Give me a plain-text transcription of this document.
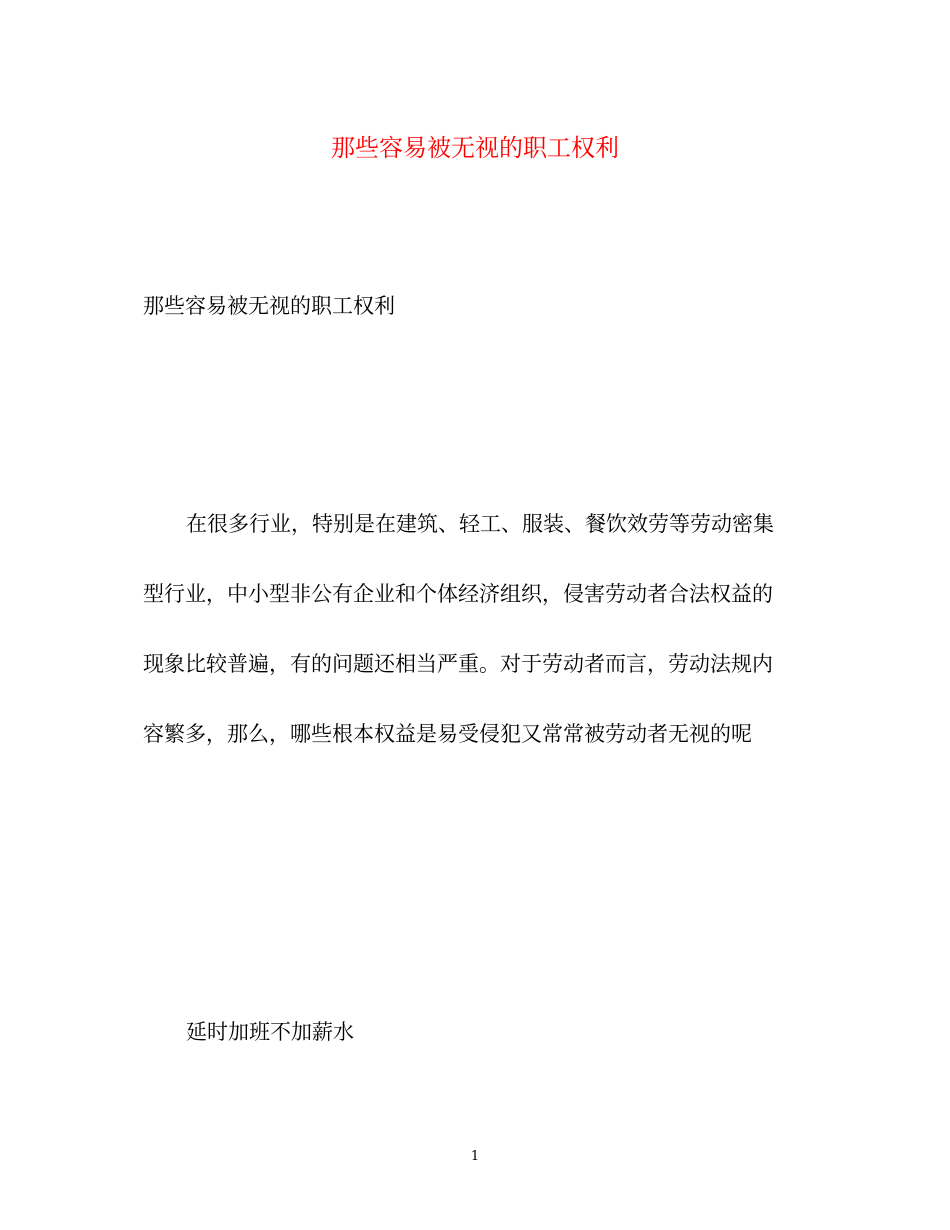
那些容易被无视的职工权利

那些容易被无视的职工权利

在很多行业，特别是在建筑、轻工、服装、餐饮效劳等劳动密集

型行业，中小型非公有企业和个体经济组织，侵害劳动者合法权益的

现象比较普遍，有的问题还相当严重。对于劳动者而言，劳动法规内

容繁多，那么，哪些根本权益是易受侵犯又常常被劳动者无视的呢

延时加班不加薪水

1
